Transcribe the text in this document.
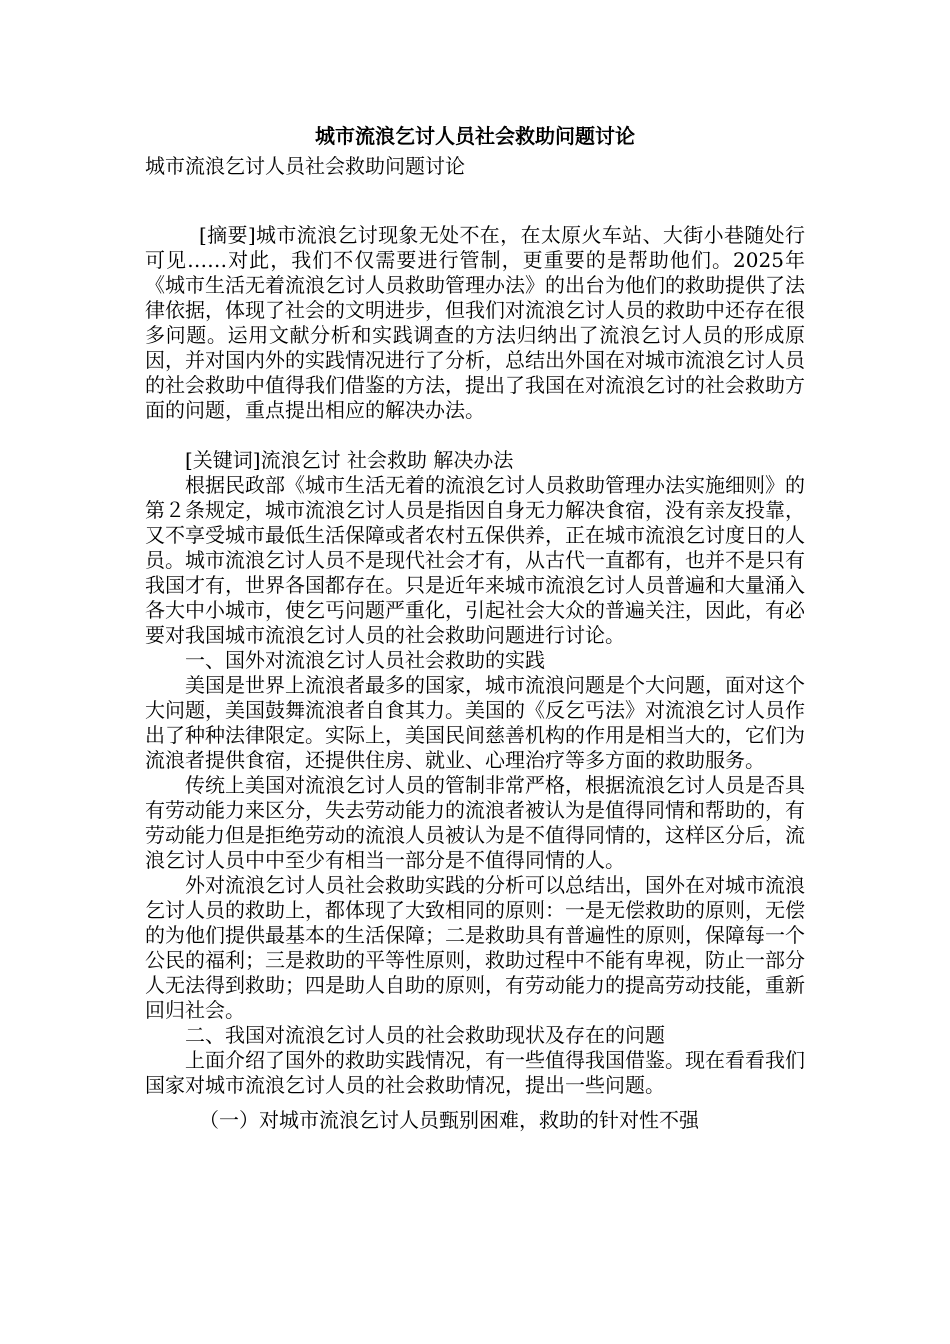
城市流浪乞讨人员社会救助问题讨论
城市流浪乞讨人员社会救助问题讨论

[摘要]城市流浪乞讨现象无处不在，在太原火车站、大街小巷随处行可见……对此，我们不仅需要进行管制，更重要的是帮助他们。2025年《城市生活无着流浪乞讨人员救助管理办法》的出台为他们的救助提供了法律依据，体现了社会的文明进步，但我们对流浪乞讨人员的救助中还存在很多问题。运用文献分析和实践调查的方法归纳出了流浪乞讨人员的形成原因，并对国内外的实践情况进行了分析，总结出外国在对城市流浪乞讨人员的社会救助中值得我们借鉴的方法，提出了我国在对流浪乞讨的社会救助方面的问题，重点提出相应的解决办法。

[关键词]流浪乞讨 社会救助 解决办法

根据民政部《城市生活无着的流浪乞讨人员救助管理办法实施细则》的第２条规定，城市流浪乞讨人员是指因自身无力解决食宿，没有亲友投靠，又不享受城市最低生活保障或者农村五保供养，正在城市流浪乞讨度日的人员。城市流浪乞讨人员不是现代社会才有，从古代一直都有，也并不是只有我国才有，世界各国都存在。只是近年来城市流浪乞讨人员普遍和大量涌入各大中小城市，使乞丐问题严重化，引起社会大众的普遍关注，因此，有必要对我国城市流浪乞讨人员的社会救助问题进行讨论。

一、国外对流浪乞讨人员社会救助的实践

美国是世界上流浪者最多的国家，城市流浪问题是个大问题，面对这个大问题，美国鼓舞流浪者自食其力。美国的《反乞丐法》对流浪乞讨人员作出了种种法律限定。实际上，美国民间慈善机构的作用是相当大的，它们为流浪者提供食宿，还提供住房、就业、心理治疗等多方面的救助服务。

传统上美国对流浪乞讨人员的管制非常严格，根据流浪乞讨人员是否具有劳动能力来区分，失去劳动能力的流浪者被认为是值得同情和帮助的，有劳动能力但是拒绝劳动的流浪人员被认为是不值得同情的，这样区分后，流浪乞讨人员中中至少有相当一部分是不值得同情的人。

外对流浪乞讨人员社会救助实践的分析可以总结出，国外在对城市流浪乞讨人员的救助上，都体现了大致相同的原则：一是无偿救助的原则，无偿的为他们提供最基本的生活保障；二是救助具有普遍性的原则，保障每一个公民的福利；三是救助的平等性原则，救助过程中不能有卑视，防止一部分人无法得到救助；四是助人自助的原则，有劳动能力的提高劳动技能，重新回归社会。

二、我国对流浪乞讨人员的社会救助现状及存在的问题

上面介绍了国外的救助实践情况，有一些值得我国借鉴。现在看看我们国家对城市流浪乞讨人员的社会救助情况，提出一些问题。

（一）对城市流浪乞讨人员甄别困难，救助的针对性不强
